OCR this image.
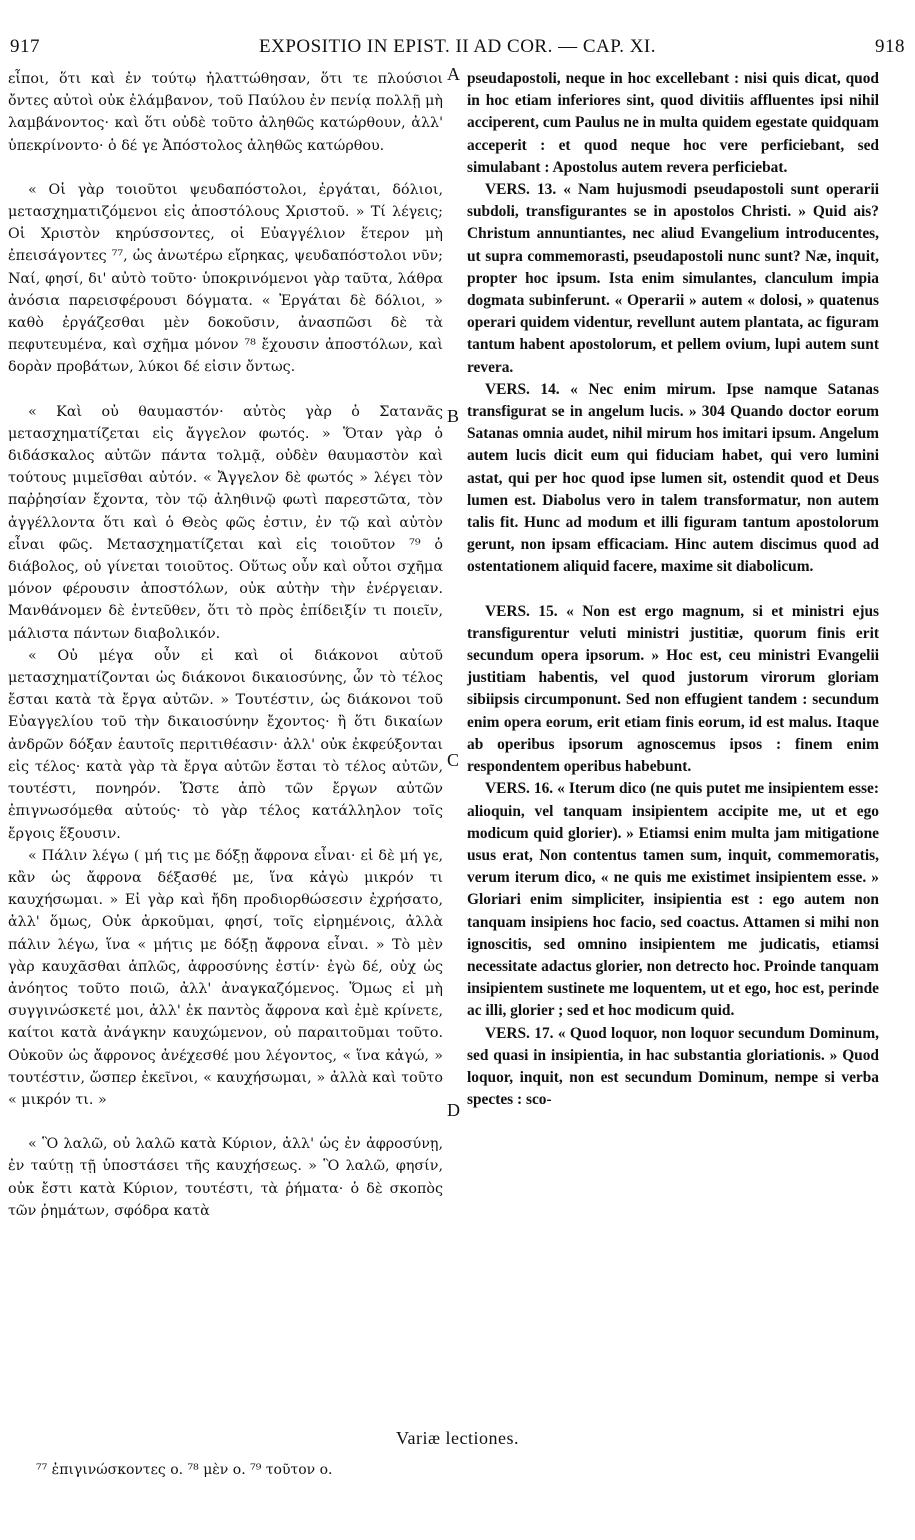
917	EXPOSITIO IN EPIST. II AD COR. — CAP. XI.	918

εἶποι, ὅτι καὶ ἐν τούτῳ ἠλαττώθησαν, ὅτι τε πλούσιοι ὄντες αὐτοὶ οὐκ ἐλάμβανον, τοῦ Παύλου ἐν πενίᾳ πολλῇ μὴ λαμβάνοντος· καὶ ὅτι οὐδὲ τοῦτο ἀληθῶς κατώρθουν, ἀλλ' ὑπεκρίνοντο· ὁ δέ γε Ἀπόστολος ἀληθῶς κατώρθου.

« Οἱ γὰρ τοιοῦτοι ψευδαπόστολοι, ἐργάται, δόλιοι, μετασχηματιζόμενοι εἰς ἀποστόλους Χριστοῦ. » Τί λέγεις; Οἱ Χριστὸν κηρύσσοντες, οἱ Εὐαγγέλιον ἕτερον μὴ ἐπεισάγοντες ⁷⁷, ὡς ἀνωτέρω εἴρηκας, ψευδαπόστολοι νῦν; Ναί, φησί, δι' αὐτὸ τοῦτο· ὑποκρινόμενοι γὰρ ταῦτα, λάθρα ἀνόσια παρεισφέρουσι δόγματα. « Ἐργάται δὲ δόλιοι, » καθὸ ἐργάζεσθαι μὲν δοκοῦσιν, ἀνασπῶσι δὲ τὰ πεφυτευμένα, καὶ σχῆμα μόνον ⁷⁸ ἔχουσιν ἀποστόλων, καὶ δορὰν προβάτων, λύκοι δέ εἰσιν ὄντως.

« Καὶ οὐ θαυμαστόν· αὐτὸς γὰρ ὁ Σατανᾶς μετασχηματίζεται εἰς ἄγγελον φωτός. » Ὅταν γὰρ ὁ διδάσκαλος αὐτῶν πάντα τολμᾷ, οὐδὲν θαυμαστὸν καὶ τούτους μιμεῖσθαι αὐτόν. « Ἄγγελον δὲ φωτός » λέγει τὸν παῤῥησίαν ἔχοντα, τὸν τῷ ἀληθινῷ φωτὶ παρεστῶτα, τὸν ἀγγέλλοντα ὅτι καὶ ὁ Θεὸς φῶς ἐστιν, ἐν τῷ καὶ αὐτὸν εἶναι φῶς. Μετασχηματίζεται καὶ εἰς τοιοῦτον ⁷⁹ ὁ διάβολος, οὐ γίνεται τοιοῦτος. Οὕτως οὖν καὶ οὗτοι σχῆμα μόνον φέρουσιν ἀποστόλων, οὐκ αὐτὴν τὴν ἐνέργειαν. Μανθάνομεν δὲ ἐντεῦθεν, ὅτι τὸ πρὸς ἐπίδειξίν τι ποιεῖν, μάλιστα πάντων διαβολικόν.

« Οὐ μέγα οὖν εἰ καὶ οἱ διάκονοι αὐτοῦ μετασχηματίζονται ὡς διάκονοι δικαιοσύνης, ὧν τὸ τέλος ἔσται κατὰ τὰ ἔργα αὐτῶν. » Τουτέστιν, ὡς διάκονοι τοῦ Εὐαγγελίου τοῦ τὴν δικαιοσύνην ἔχοντος· ἢ ὅτι δικαίων ἀνδρῶν δόξαν ἑαυτοῖς περιτιθέασιν· ἀλλ' οὐκ ἐκφεύξονται εἰς τέλος· κατὰ γὰρ τὰ ἔργα αὐτῶν ἔσται τὸ τέλος αὐτῶν, τουτέστι, πονηρόν. Ὥστε ἀπὸ τῶν ἔργων αὐτῶν ἐπιγνωσόμεθα αὐτούς· τὸ γὰρ τέλος κατάλληλον τοῖς ἔργοις ἕξουσιν.

« Πάλιν λέγω ( μή τις με δόξῃ ἄφρονα εἶναι· εἰ δὲ μή γε, κἂν ὡς ἄφρονα δέξασθέ με, ἵνα κἀγὼ μικρόν τι καυχήσωμαι. » Εἰ γὰρ καὶ ἤδη προδιορθώσεσιν ἐχρήσατο, ἀλλ' ὅμως, Οὐκ ἀρκοῦμαι, φησί, τοῖς εἰρημένοις, ἀλλὰ πάλιν λέγω, ἵνα « μήτις με δόξῃ ἄφρονα εἶναι. » Τὸ μὲν γὰρ καυχᾶσθαι ἁπλῶς, ἀφροσύνης ἐστίν· ἐγὼ δέ, οὐχ ὡς ἀνόητος τοῦτο ποιῶ, ἀλλ' ἀναγκαζόμενος. Ὅμως εἰ μὴ συγγινώσκετέ μοι, ἀλλ' ἐκ παντὸς ἄφρονα καὶ ἐμὲ κρίνετε, καίτοι κατὰ ἀνάγκην καυχώμενον, οὐ παραιτοῦμαι τοῦτο. Οὐκοῦν ὡς ἄφρονος ἀνέχεσθέ μου λέγοντος, « ἵνα κἀγώ, » τουτέστιν, ὥσπερ ἐκεῖνοι, « καυχήσωμαι, » ἀλλὰ καὶ τοῦτο « μικρόν τι. »

« Ὃ λαλῶ, οὐ λαλῶ κατὰ Κύριον, ἀλλ' ὡς ἐν ἀφροσύνῃ, ἐν ταύτῃ τῇ ὑποστάσει τῆς καυχήσεως. » Ὃ λαλῶ, φησίν, οὐκ ἔστι κατὰ Κύριον, τουτέστι, τὰ ῥήματα· ὁ δὲ σκοπὸς τῶν ῥημάτων, σφόδρα κατὰ

A
B
C
D

pseudapostoli, neque in hoc excellebant : nisi quis dicat, quod in hoc etiam inferiores sint, quod divitiis affluentes ipsi nihil acciperent, cum Paulus ne in multa quidem egestate quidquam acceperit : et quod neque hoc vere perficiebant, sed simulabant : Apostolus autem revera perficiebat.

VERS. 13. « Nam hujusmodi pseudapostoli sunt operarii subdoli, transfigurantes se in apostolos Christi. » Quid ais? Christum annuntiantes, nec aliud Evangelium introducentes, ut supra commemorasti, pseudapostoli nunc sunt? Næ, inquit, propter hoc ipsum. Ista enim simulantes, clanculum impia dogmata subinferunt. « Operarii » autem « dolosi, » quatenus operari quidem videntur, revellunt autem plantata, ac figuram tantum habent apostolorum, et pellem ovium, lupi autem sunt revera.

VERS. 14. « Nec enim mirum. Ipse namque Satanas transfigurat se in angelum lucis. » 304 Quando doctor eorum Satanas omnia audet, nihil mirum hos imitari ipsum. Angelum autem lucis dicit eum qui fiduciam habet, qui vero lumini astat, qui per hoc quod ipse lumen sit, ostendit quod et Deus lumen est. Diabolus vero in talem transformatur, non autem talis fit. Hunc ad modum et illi figuram tantum apostolorum gerunt, non ipsam efficaciam. Hinc autem discimus quod ad ostentationem aliquid facere, maxime sit diabolicum.

VERS. 15. « Non est ergo magnum, si et ministri ejus transfigurentur veluti ministri justitiæ, quorum finis erit secundum opera ipsorum. » Hoc est, ceu ministri Evangelii justitiam habentis, vel quod justorum virorum gloriam sibiipsis circumponunt. Sed non effugient tandem : secundum enim opera eorum, erit etiam finis eorum, id est malus. Itaque ab operibus ipsorum agnoscemus ipsos : finem enim respondentem operibus habebunt.

VERS. 16. « Iterum dico (ne quis putet me insipientem esse: alioquin, vel tanquam insipientem accipite me, ut et ego modicum quid glorier). » Etiamsi enim multa jam mitigatione usus erat, Non contentus tamen sum, inquit, commemoratis, verum iterum dico, « ne quis me existimet insipientem esse. » Gloriari enim simpliciter, insipientia est : ego autem non tanquam insipiens hoc facio, sed coactus. Attamen si mihi non ignoscitis, sed omnino insipientem me judicatis, etiamsi necessitate adactus glorier, non detrecto hoc. Proinde tanquam insipientem sustinete me loquentem, ut et ego, hoc est, perinde ac illi, glorier ; sed et hoc modicum quid.

VERS. 17. « Quod loquor, non loquor secundum Dominum, sed quasi in insipientia, in hac substantia gloriationis. » Quod loquor, inquit, non est secundum Dominum, nempe si verba spectes : sco-

Variæ lectiones.
⁷⁷ ἐπιγινώσκοντες ο. ⁷⁸ μὲν ο. ⁷⁹ τοῦτον ο.
